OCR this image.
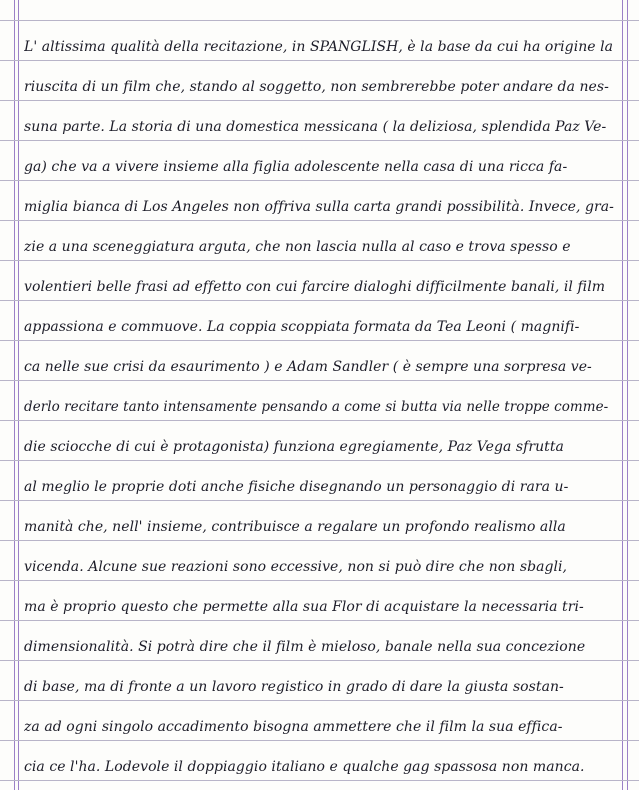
L' altissima qualità della recitazione, in SPANGLISH, è la base da cui ha origine la
riuscita di un film che, stando al soggetto, non sembrerebbe poter andare da nes-
suna parte. La storia di una domestica messicana ( la deliziosa, splendida Paz Ve-
ga) che va a vivere insieme alla figlia adolescente nella casa di una ricca fa-
miglia bianca di Los Angeles non offriva sulla carta grandi possibilità. Invece, gra-
zie a una sceneggiatura arguta, che non lascia nulla al caso e trova spesso e
volentieri belle frasi ad effetto con cui farcire dialoghi difficilmente banali, il film
appassiona e commuove. La coppia scoppiata formata da Tea Leoni ( magnifi-
ca nelle sue crisi da esaurimento ) e Adam Sandler ( è sempre una sorpresa ve-
derlo recitare tanto intensamente pensando a come si butta via nelle troppe comme-
die sciocche di cui è protagonista) funziona egregiamente, Paz Vega sfrutta
al meglio le proprie doti anche fisiche disegnando un personaggio di rara u-
manità che, nell' insieme, contribuisce a regalare un profondo realismo alla
vicenda. Alcune sue reazioni sono eccessive, non si può dire che non sbagli,
ma è proprio questo che permette alla sua Flor di acquistare la necessaria tri-
dimensionalità. Si potrà dire che il film è mieloso, banale nella sua concezione
di base, ma di fronte a un lavoro registico in grado di dare la giusta sostan-
za ad ogni singolo accadimento bisogna ammettere che il film la sua effica-
cia ce l'ha. Lodevole il doppiaggio italiano e qualche gag spassosa non manca.
